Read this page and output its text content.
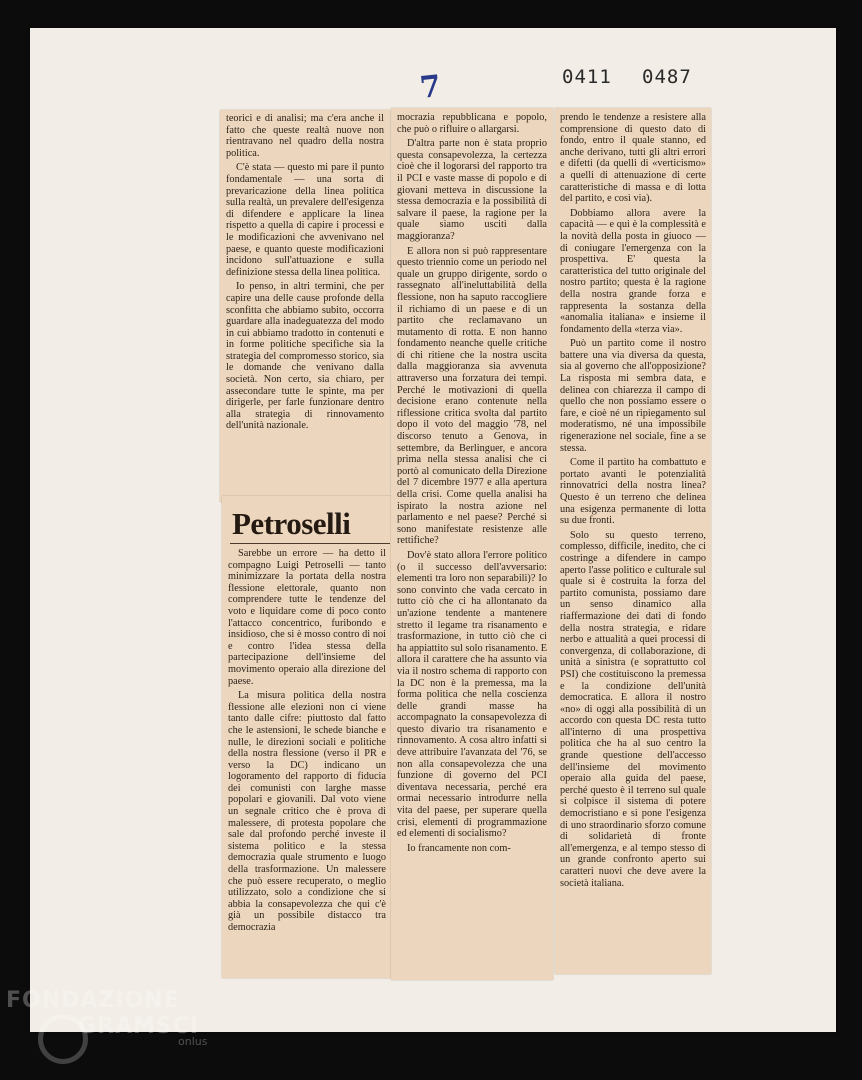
7	0411 0487

teorici e di analisi; ma c'era anche il fatto che queste realtà nuove non rientravano nel quadro della nostra politica.

C'è stata — questo mi pare il punto fondamentale — una sorta di prevaricazione della linea politica sulla realtà, un prevalere dell'esigenza di difendere e applicare la linea rispetto a quella di capire i processi e le modificazioni che avvenivano nel paese, e quanto queste modificazioni incidono sull'attuazione e sulla definizione stessa della linea politica.

Io penso, in altri termini, che per capire una delle cause profonde della sconfitta che abbiamo subito, occorra guardare alla inadeguatezza del modo in cui abbiamo tradotto in contenuti e in forme politiche specifiche sia la strategia del compromesso storico, sia le domande che venivano dalla società. Non certo, sia chiaro, per assecondare tutte le spinte, ma per dirigerle, per farle funzionare dentro alla strategia di rinnovamento dell'unità nazionale.

Petroselli

Sarebbe un errore — ha detto il compagno Luigi Petroselli — tanto minimizzare la portata della nostra flessione elettorale, quanto non comprendere tutte le tendenze del voto e liquidare come di poco conto l'attacco concentrico, furibondo e insidioso, che si è mosso contro di noi e contro l'idea stessa della partecipazione dell'insieme del movimento operaio alla direzione del paese.

La misura politica della nostra flessione alle elezioni non ci viene tanto dalle cifre: piuttosto dal fatto che le astensioni, le schede bianche e nulle, le direzioni sociali e politiche della nostra flessione (verso il PR e verso la DC) indicano un logoramento del rapporto di fiducia dei comunisti con larghe masse popolari e giovanili. Dal voto viene un segnale critico che è prova di malessere, di protesta popolare che sale dal profondo perché investe il sistema politico e la stessa democrazia quale strumento e luogo della trasformazione. Un malessere che può essere recuperato, o meglio utilizzato, solo a condizione che si abbia la consapevolezza che qui c'è già un possibile distacco tra democrazia

mocrazia repubblicana e popolo, che può o rifluire o allargarsi.

D'altra parte non è stata proprio questa consapevolezza, la certezza cioè che il logorarsi del rapporto tra il PCI e vaste masse di popolo e di giovani metteva in discussione la stessa democrazia e la possibilità di salvare il paese, la ragione per la quale siamo usciti dalla maggioranza?

E allora non si può rappresentare questo triennio come un periodo nel quale un gruppo dirigente, sordo o rassegnato all'ineluttabilità della flessione, non ha saputo raccogliere il richiamo di un paese e di un partito che reclamavano un mutamento di rotta. E non hanno fondamento neanche quelle critiche di chi ritiene che la nostra uscita dalla maggioranza sia avvenuta attraverso una forzatura dei tempi. Perché le motivazioni di quella decisione erano contenute nella riflessione critica svolta dal partito dopo il voto del maggio '78, nel discorso tenuto a Genova, in settembre, da Berlinguer, e ancora prima nella stessa analisi che ci portò al comunicato della Direzione del 7 dicembre 1977 e alla apertura della crisi. Come quella analisi ha ispirato la nostra azione nel parlamento e nel paese? Perché si sono manifestate resistenze alle rettifiche?

Dov'è stato allora l'errore politico (o il successo dell'avversario: elementi tra loro non separabili)? Io sono convinto che vada cercato in tutto ciò che ci ha allontanato da un'azione tendente a mantenere stretto il legame tra risanamento e trasformazione, in tutto ciò che ci ha appiattito sul solo risanamento. E allora il carattere che ha assunto via via il nostro schema di rapporto con la DC non è la premessa, ma la forma politica che nella coscienza delle grandi masse ha accompagnato la consapevolezza di questo divario tra risanamento e rinnovamento. A cosa altro infatti si deve attribuire l'avanzata del '76, se non alla consapevolezza che una funzione di governo del PCI diventava necessaria, perché era ormai necessario introdurre nella vita del paese, per superare quella crisi, elementi di programmazione ed elementi di socialismo?

Io francamente non com-

prendo le tendenze a resistere alla comprensione di questo dato di fondo, entro il quale stanno, ed anche derivano, tutti gli altri errori e difetti (da quelli di «verticismo» a quelli di attenuazione di certe caratteristiche di massa e di lotta del partito, e così via).

Dobbiamo allora avere la capacità — e qui è la complessità e la novità della posta in giuoco — di coniugare l'emergenza con la prospettiva. E' questa la caratteristica del tutto originale del nostro partito; questa è la ragione della nostra grande forza e rappresenta la sostanza della «anomalia italiana» e insieme il fondamento della «terza via».

Può un partito come il nostro battere una via diversa da questa, sia al governo che all'opposizione? La risposta mi sembra data, e delinea con chiarezza il campo di quello che non possiamo essere o fare, e cioè né un ripiegamento sul moderatismo, né una impossibile rigenerazione nel sociale, fine a se stessa.

Come il partito ha combattuto e portato avanti le potenzialità rinnovatrici della nostra linea? Questo è un terreno che delinea una esigenza permanente di lotta su due fronti.

Solo su questo terreno, complesso, difficile, inedito, che ci costringe a difendere in campo aperto l'asse politico e culturale sul quale si è costruita la forza del partito comunista, possiamo dare un senso dinamico alla riaffermazione dei dati di fondo della nostra strategia, e ridare nerbo e attualità a quei processi di convergenza, di collaborazione, di unità a sinistra (e soprattutto col PSI) che costituiscono la premessa e la condizione dell'unità democratica. E allora il nostro «no» di oggi alla possibilità di un accordo con questa DC resta tutto all'interno di una prospettiva politica che ha al suo centro la grande questione dell'accesso dell'insieme del movimento operaio alla guida del paese, perché questo è il terreno sul quale si colpisce il sistema di potere democristiano e si pone l'esigenza di uno straordinario sforzo comune di solidarietà di fronte all'emergenza, e al tempo stesso di un grande confronto aperto sui caratteri nuovi che deve avere la società italiana.

FONDAZIONE
GRAMSCI
onlus
